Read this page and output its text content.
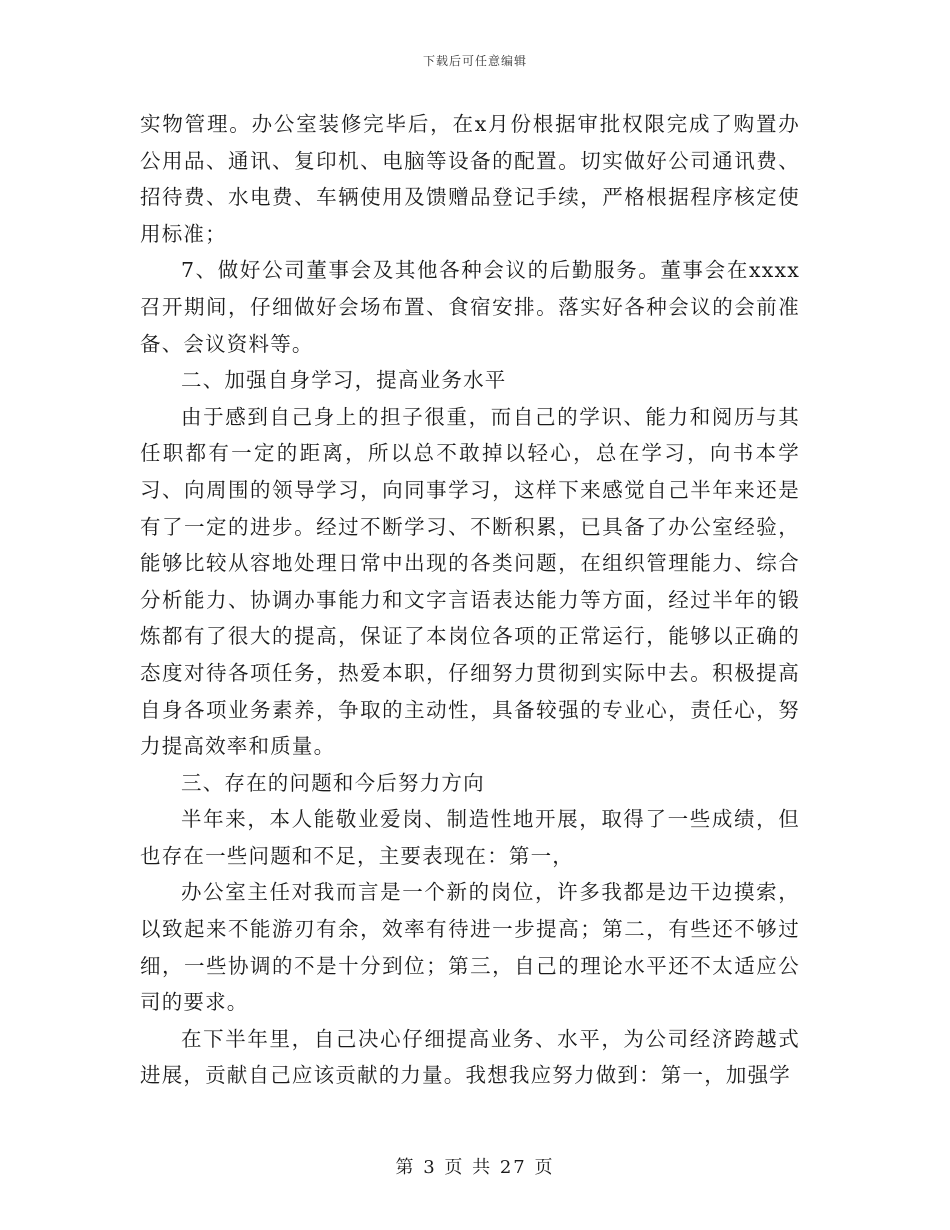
下载后可任意编辑

实物管理。办公室装修完毕后，在x月份根据审批权限完成了购置办公用品、通讯、复印机、电脑等设备的配置。切实做好公司通讯费、招待费、水电费、车辆使用及馈赠品登记手续，严格根据程序核定使用标准；

7、做好公司董事会及其他各种会议的后勤服务。董事会在xxxx召开期间，仔细做好会场布置、食宿安排。落实好各种会议的会前准备、会议资料等。

二、加强自身学习，提高业务水平

由于感到自己身上的担子很重，而自己的学识、能力和阅历与其任职都有一定的距离，所以总不敢掉以轻心，总在学习，向书本学习、向周围的领导学习，向同事学习，这样下来感觉自己半年来还是有了一定的进步。经过不断学习、不断积累，已具备了办公室经验，能够比较从容地处理日常中出现的各类问题，在组织管理能力、综合分析能力、协调办事能力和文字言语表达能力等方面，经过半年的锻炼都有了很大的提高，保证了本岗位各项的正常运行，能够以正确的态度对待各项任务，热爱本职，仔细努力贯彻到实际中去。积极提高自身各项业务素养，争取的主动性，具备较强的专业心，责任心，努力提高效率和质量。

三、存在的问题和今后努力方向

半年来，本人能敬业爱岗、制造性地开展，取得了一些成绩，但也存在一些问题和不足，主要表现在：第一，

办公室主任对我而言是一个新的岗位，许多我都是边干边摸索，以致起来不能游刃有余，效率有待进一步提高；第二，有些还不够过细，一些协调的不是十分到位；第三，自己的理论水平还不太适应公司的要求。

在下半年里，自己决心仔细提高业务、水平，为公司经济跨越式进展，贡献自己应该贡献的力量。我想我应努力做到：第一，加强学

第 3 页 共 27 页
